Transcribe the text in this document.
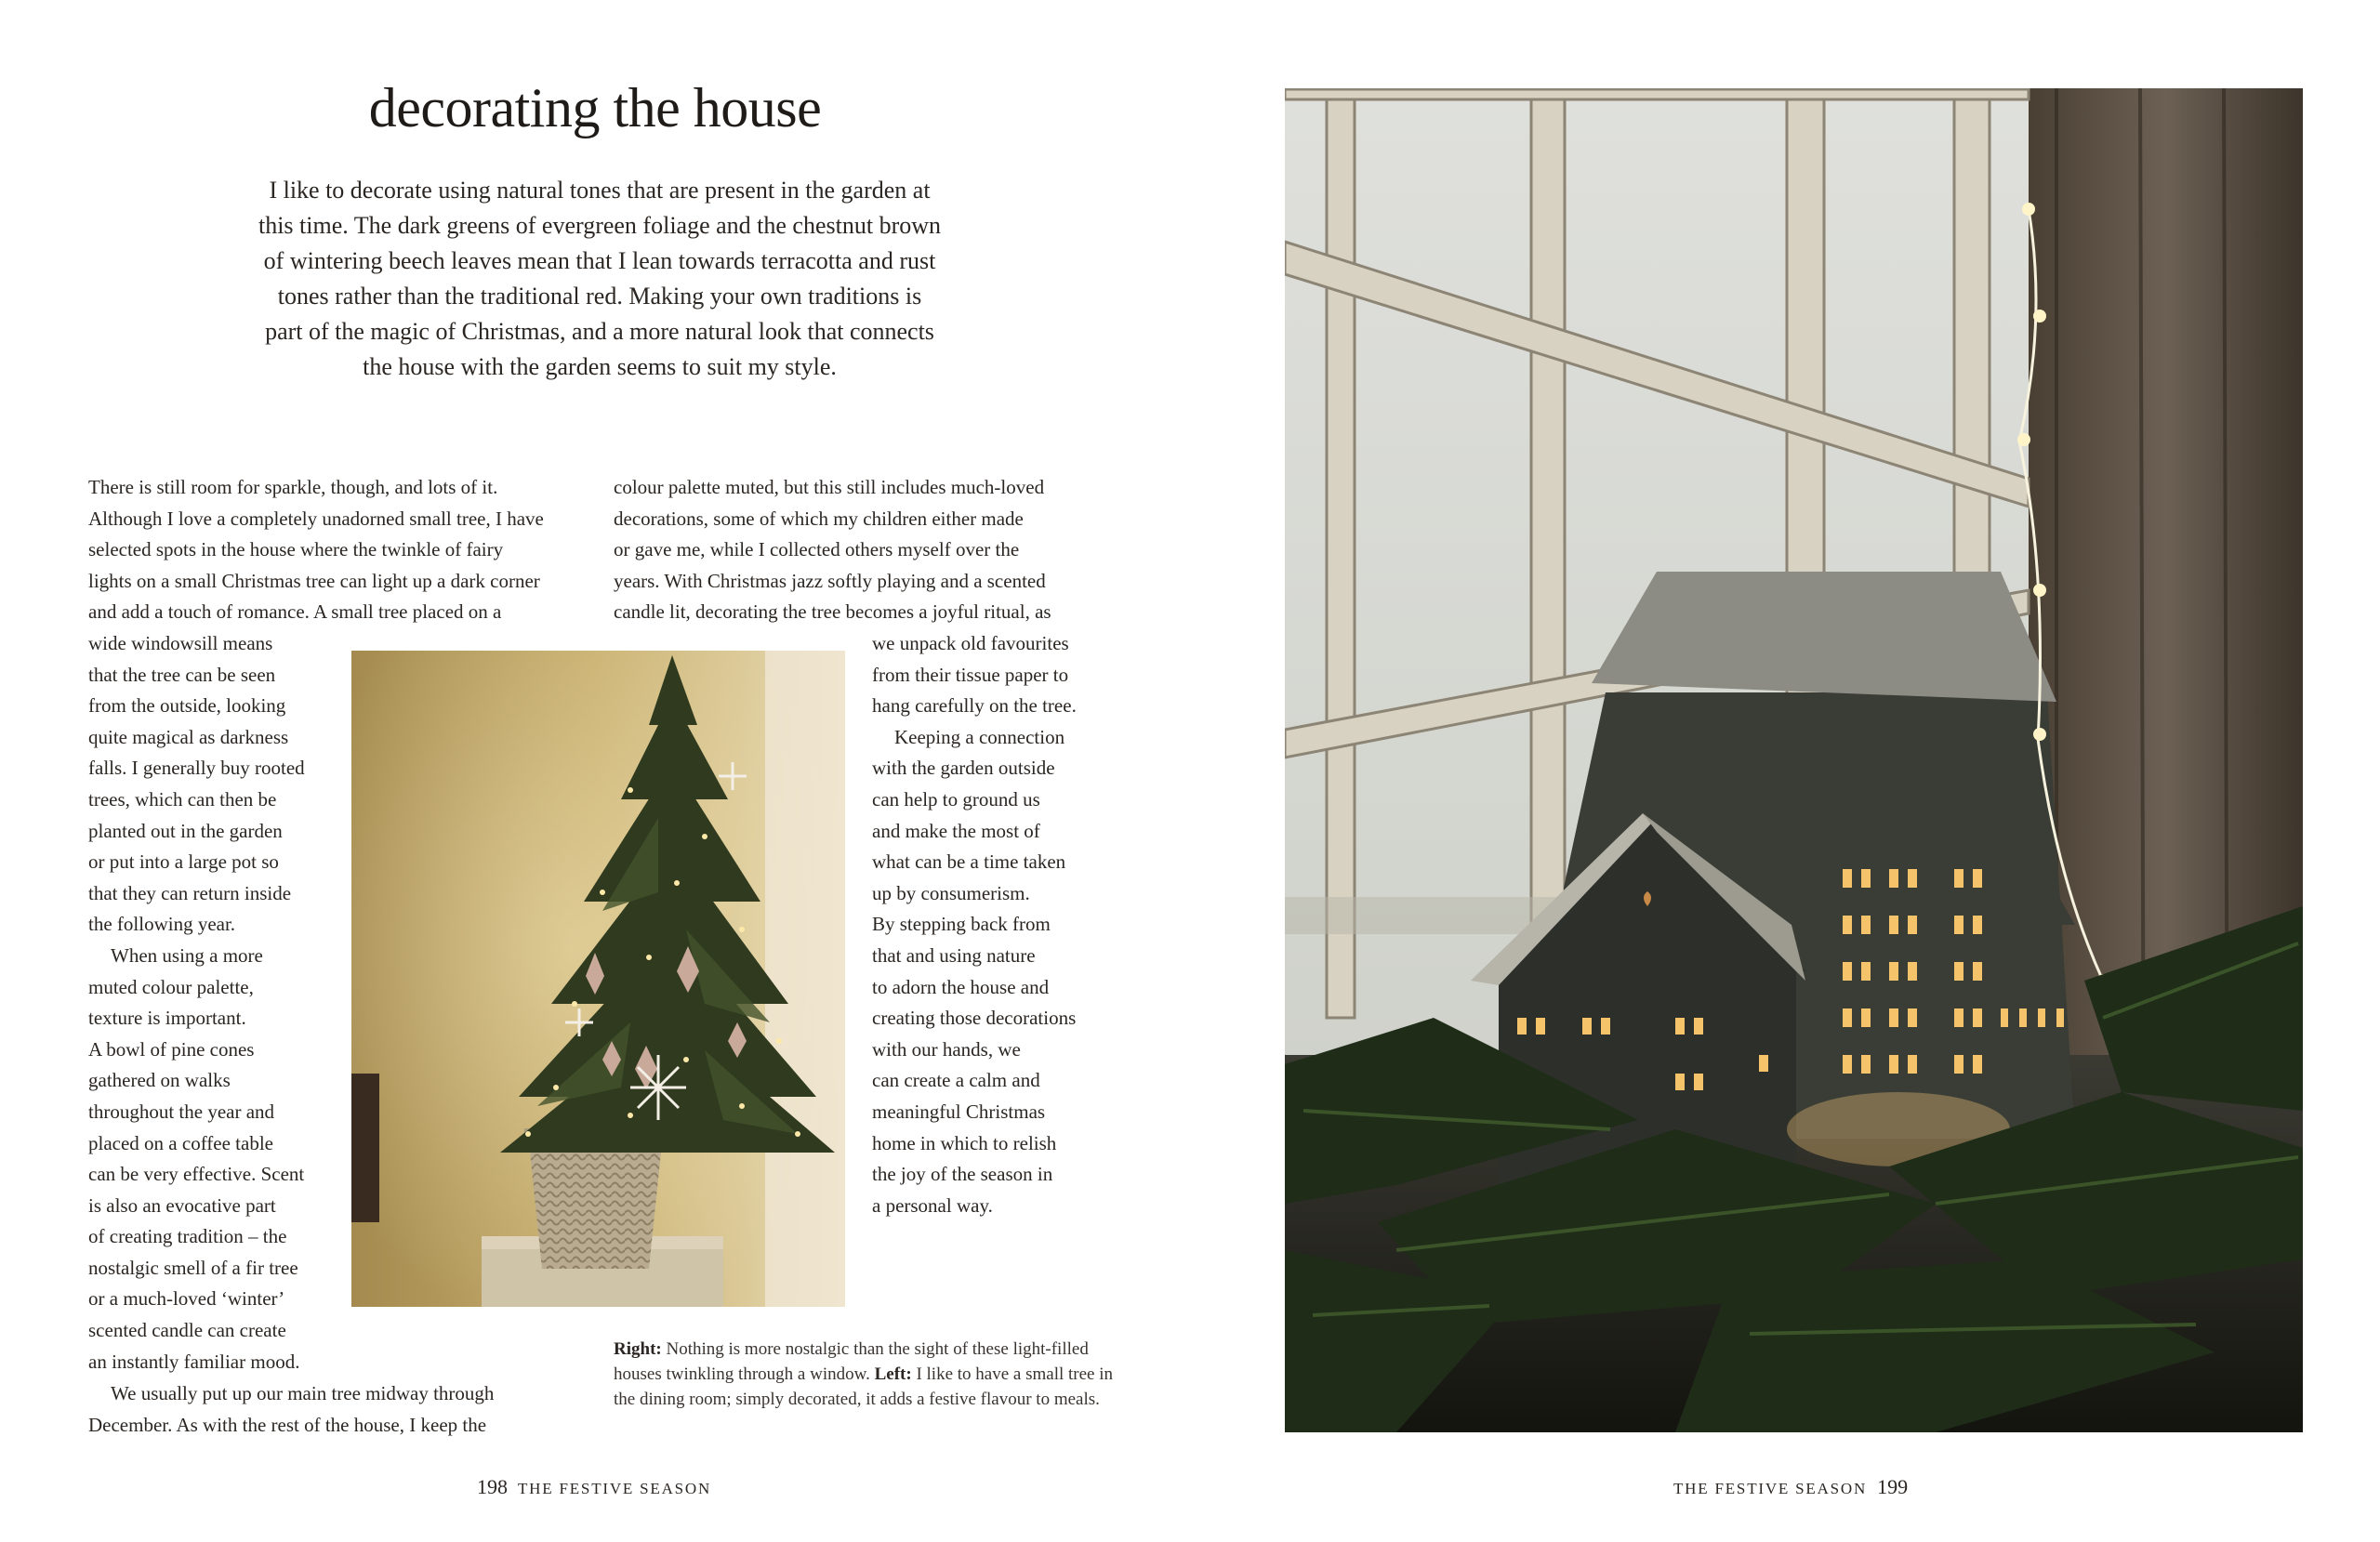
decorating the house

I like to decorate using natural tones that are present in the garden at
this time. The dark greens of evergreen foliage and the chestnut brown
of wintering beech leaves mean that I lean towards terracotta and rust
tones rather than the traditional red. Making your own traditions is
part of the magic of Christmas, and a more natural look that connects
the house with the garden seems to suit my style.

There is still room for sparkle, though, and lots of it.
Although I love a completely unadorned small tree, I have
selected spots in the house where the twinkle of fairy
lights on a small Christmas tree can light up a dark corner
and add a touch of romance. A small tree placed on a
wide windowsill means
that the tree can be seen
from the outside, looking
quite magical as darkness
falls. I generally buy rooted
trees, which can then be
planted out in the garden
or put into a large pot so
that they can return inside
the following year.
When using a more
muted colour palette,
texture is important.
A bowl of pine cones
gathered on walks
throughout the year and
placed on a coffee table
can be very effective. Scent
is also an evocative part
of creating tradition – the
nostalgic smell of a fir tree
or a much-loved ‘winter’
scented candle can create
an instantly familiar mood.
We usually put up our main tree midway through
December. As with the rest of the house, I keep the
colour palette muted, but this still includes much-loved
decorations, some of which my children either made
or gave me, while I collected others myself over the
years. With Christmas jazz softly playing and a scented
candle lit, decorating the tree becomes a joyful ritual, as
we unpack old favourites
from their tissue paper to
hang carefully on the tree.
Keeping a connection
with the garden outside
can help to ground us
and make the most of
what can be a time taken
up by consumerism.
By stepping back from
that and using nature
to adorn the house and
creating those decorations
with our hands, we
can create a calm and
meaningful Christmas
home in which to relish
the joy of the season in
a personal way.

Right: Nothing is more nostalgic than the sight of these light-filled houses twinkling through a window. Left: I like to have a small tree in the dining room; simply decorated, it adds a festive flavour to meals.

198 THE FESTIVE SEASON	THE FESTIVE SEASON 199
